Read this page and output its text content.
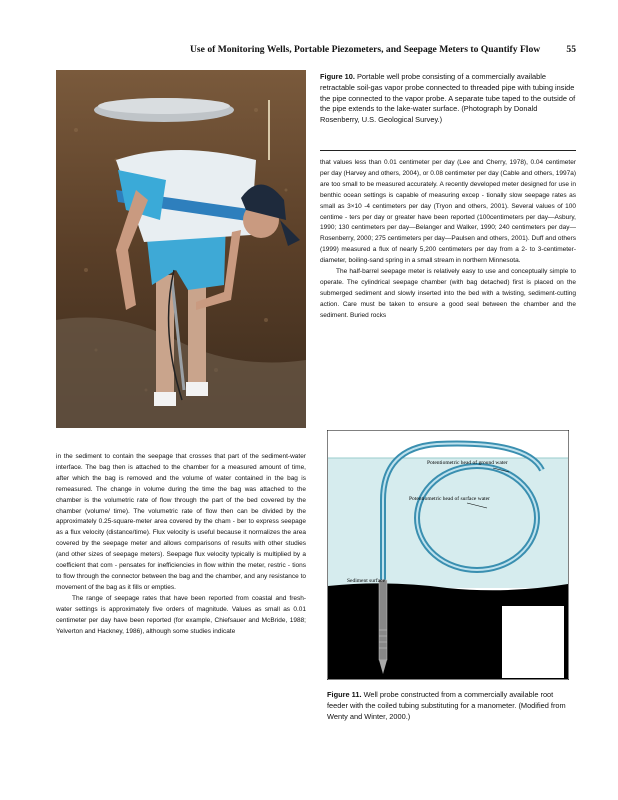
Use of Monitoring Wells, Portable Piezometers, and Seepage Meters to Quantify Flow	55
Figure 10. Portable well probe consisting of a commercially available retractable soil-gas vapor probe connected to threaded pipe with tubing inside the pipe connected to the vapor probe. A separate tube taped to the outside of the pipe extends to the lake-water surface. (Photograph by Donald Rosenberry, U.S. Geological Survey.)

that values less than 0.01 centimeter per day (Lee and Cherry, 1978), 0.04 centimeter per day (Harvey and others, 2004), or 0.08 centimeter per day (Cable and others, 1997a) are too small to be measured accurately. A recently developed meter designed for use in benthic ocean settings is capable of measuring excep - tionally slow seepage rates as small as 3×10 -4 centimeters per day (Tryon and others, 2001). Several values of 100 centime - ters per day or greater have been reported (100centimeters per day—Asbury, 1990; 130 centimeters per day—Belanger and Walker, 1990; 240 centimeters per day—Rosenberry, 2000; 275 centimeters per day—Paulsen and others, 2001). Duff and others (1999) measured a flux of nearly 5,200 centimeters per day from a 2- to 3-centimeter-diameter, boiling-sand spring in a small stream in northern Minnesota.

The half-barrel seepage meter is relatively easy to use and conceptually simple to operate. The cylindrical seepage chamber (with bag detached) first is placed on the submerged sediment and slowly inserted into the bed with a twisting, sediment-cutting action. Care must be taken to ensure a good seal between the chamber and the sediment. Buried rocks

in the sediment to contain the seepage that crosses that part of the sediment-water interface. The bag then is attached to the chamber for a measured amount of time, after which the bag is removed and the volume of water contained in the bag is remeasured. The change in volume during the time the bag was attached to the chamber is the volumetric rate of flow through the part of the bed covered by the chamber (volume/ time). The volumetric rate of flow then can be divided by the approximately 0.25-square-meter area covered by the cham - ber to express seepage as a flux velocity (distance/time). Flux velocity is useful because it normalizes the area covered by the seepage meter and allows comparisons of results with other studies (and other sizes of seepage meters). Seepage flux velocity typically is multiplied by a coefficient that com - pensates for inefficiencies in flow within the meter, restric - tions to flow through the connector between the bag and the chamber, and any resistance to movement of the bag as it fills or empties.

The range of seepage rates that have been reported from coastal and fresh-water settings is approximately five orders of magnitude. Values as small as 0.01 centimeter per day have been reported (for example, Chiefsauer and McBride, 1988; Yelverton and Hackney, 1986), although some studies indicate

Potentiometric head of ground water
Potentiometric head of surface water
Sediment surface
Figure 11. Well probe constructed from a commercially available root feeder with the coiled tubing substituting for a manometer. (Modified from Wenty and Winter, 2000.)
